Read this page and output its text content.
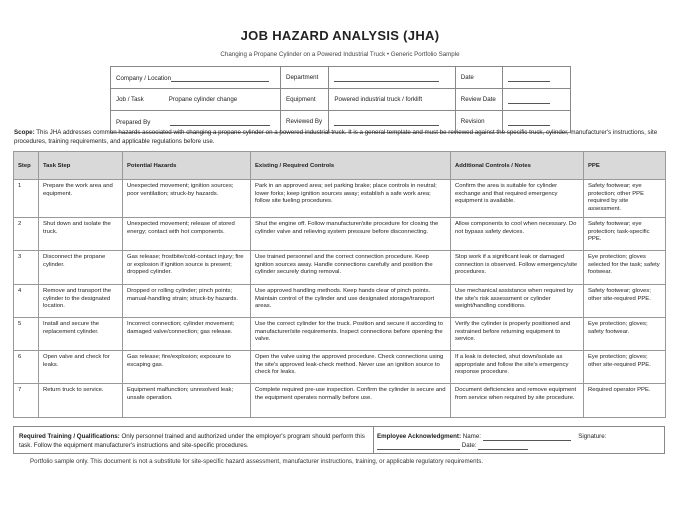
JOB HAZARD ANALYSIS (JHA)
Changing a Propane Cylinder on a Powered Industrial Truck • Generic Portfolio Sample
Company / Location	Department		Date	
Job / Task Propane cylinder change	Equipment	Powered industrial truck / forklift	Review Date	
Prepared By	Reviewed By		Revision	
Scope: This JHA addresses common hazards associated with changing a propane cylinder on a powered industrial truck. It is a general template and must be reviewed against the specific truck, cylinder, manufacturer's instructions, site procedures, training requirements, and applicable regulations before use.
Step	Task Step	Potential Hazards	Existing / Required Controls	Additional Controls / Notes	PPE
1	Prepare the work area and equipment.	Unexpected movement; ignition sources; poor ventilation; struck-by hazards.	Park in an approved area; set parking brake; place controls in neutral; lower forks; keep ignition sources away; establish a safe work area; follow site fueling procedures.	Confirm the area is suitable for cylinder exchange and that required emergency equipment is available.	Safety footwear; eye protection; other PPE required by site assessment.
2	Shut down and isolate the truck.	Unexpected movement; release of stored energy; contact with hot components.	Shut the engine off. Follow manufacturer/site procedure for closing the cylinder valve and relieving system pressure before disconnecting.	Allow components to cool when necessary. Do not bypass safety devices.	Safety footwear; eye protection; task-specific PPE.
3	Disconnect the propane cylinder.	Gas release; frostbite/cold-contact injury; fire or explosion if ignition source is present; dropped cylinder.	Use trained personnel and the correct connection procedure. Keep ignition sources away. Handle connections carefully and position the cylinder securely during removal.	Stop work if a significant leak or damaged connection is observed. Follow emergency/site procedures.	Eye protection; gloves selected for the task; safety footwear.
4	Remove and transport the cylinder to the designated location.	Dropped or rolling cylinder; pinch points; manual-handling strain; struck-by hazards.	Use approved handling methods. Keep hands clear of pinch points. Maintain control of the cylinder and use designated storage/transport areas.	Use mechanical assistance when required by the site's risk assessment or cylinder weight/handling conditions.	Safety footwear; gloves; other site-required PPE.
5	Install and secure the replacement cylinder.	Incorrect connection; cylinder movement; damaged valve/connection; gas release.	Use the correct cylinder for the truck. Position and secure it according to manufacturer/site requirements. Inspect connections before opening the valve.	Verify the cylinder is properly positioned and restrained before returning equipment to service.	Eye protection; gloves; safety footwear.
6	Open valve and check for leaks.	Gas release; fire/explosion; exposure to escaping gas.	Open the valve using the approved procedure. Check connections using the site's approved leak-check method. Never use an ignition source to check for leaks.	If a leak is detected, shut down/isolate as appropriate and follow the site's emergency response procedure.	Eye protection; gloves; other site-required PPE.
7	Return truck to service.	Equipment malfunction; unresolved leak; unsafe operation.	Complete required pre-use inspection. Confirm the cylinder is secure and the equipment operates normally before use.	Document deficiencies and remove equipment from service when required by site procedure.	Required operator PPE.
Required Training / Qualifications: Only personnel trained and authorized under the employer's program should perform this task. Follow the equipment manufacturer's instructions and site-specific procedures.
Employee Acknowledgment: Name:	Signature:
Date:
Portfolio sample only. This document is not a substitute for site-specific hazard assessment, manufacturer instructions, training, or applicable regulatory requirements.
